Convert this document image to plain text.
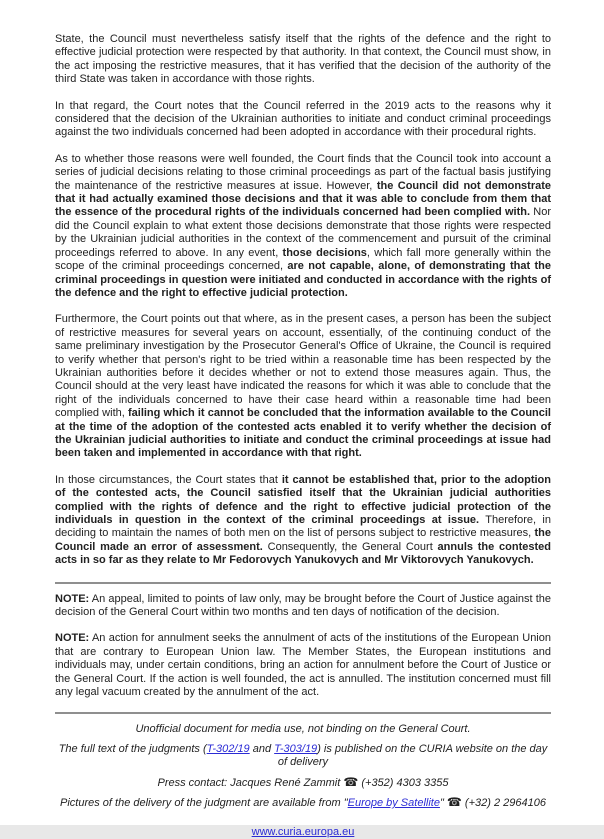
State, the Council must nevertheless satisfy itself that the rights of the defence and the right to effective judicial protection were respected by that authority. In that context, the Council must show, in the act imposing the restrictive measures, that it has verified that the decision of the authority of the third State was taken in accordance with those rights.

In that regard, the Court notes that the Council referred in the 2019 acts to the reasons why it considered that the decision of the Ukrainian authorities to initiate and conduct criminal proceedings against the two individuals concerned had been adopted in accordance with their procedural rights.

As to whether those reasons were well founded, the Court finds that the Council took into account a series of judicial decisions relating to those criminal proceedings as part of the factual basis justifying the maintenance of the restrictive measures at issue. However, the Council did not demonstrate that it had actually examined those decisions and that it was able to conclude from them that the essence of the procedural rights of the individuals concerned had been complied with. Nor did the Council explain to what extent those decisions demonstrate that those rights were respected by the Ukrainian judicial authorities in the context of the commencement and pursuit of the criminal proceedings referred to above. In any event, those decisions, which fall more generally within the scope of the criminal proceedings concerned, are not capable, alone, of demonstrating that the criminal proceedings in question were initiated and conducted in accordance with the rights of the defence and the right to effective judicial protection.

Furthermore, the Court points out that where, as in the present cases, a person has been the subject of restrictive measures for several years on account, essentially, of the continuing conduct of the same preliminary investigation by the Prosecutor General's Office of Ukraine, the Council is required to verify whether that person's right to be tried within a reasonable time has been respected by the Ukrainian authorities before it decides whether or not to extend those measures again. Thus, the Council should at the very least have indicated the reasons for which it was able to conclude that the right of the individuals concerned to have their case heard within a reasonable time had been complied with, failing which it cannot be concluded that the information available to the Council at the time of the adoption of the contested acts enabled it to verify whether the decision of the Ukrainian judicial authorities to initiate and conduct the criminal proceedings at issue had been taken and implemented in accordance with that right.

In those circumstances, the Court states that it cannot be established that, prior to the adoption of the contested acts, the Council satisfied itself that the Ukrainian judicial authorities complied with the rights of defence and the right to effective judicial protection of the individuals in question in the context of the criminal proceedings at issue. Therefore, in deciding to maintain the names of both men on the list of persons subject to restrictive measures, the Council made an error of assessment. Consequently, the General Court annuls the contested acts in so far as they relate to Mr Fedorovych Yanukovych and Mr Viktorovych Yanukovych.

NOTE: An appeal, limited to points of law only, may be brought before the Court of Justice against the decision of the General Court within two months and ten days of notification of the decision.

NOTE: An action for annulment seeks the annulment of acts of the institutions of the European Union that are contrary to European Union law. The Member States, the European institutions and individuals may, under certain conditions, bring an action for annulment before the Court of Justice or the General Court. If the action is well founded, the act is annulled. The institution concerned must fill any legal vacuum created by the annulment of the act.

Unofficial document for media use, not binding on the General Court.

The full text of the judgments (T-302/19 and T-303/19) is published on the CURIA website on the day of delivery

Press contact: Jacques René Zammit ☎ (+352) 4303 3355

Pictures of the delivery of the judgment are available from "Europe by Satellite" ☎ (+32) 2 2964106

www.curia.europa.eu
